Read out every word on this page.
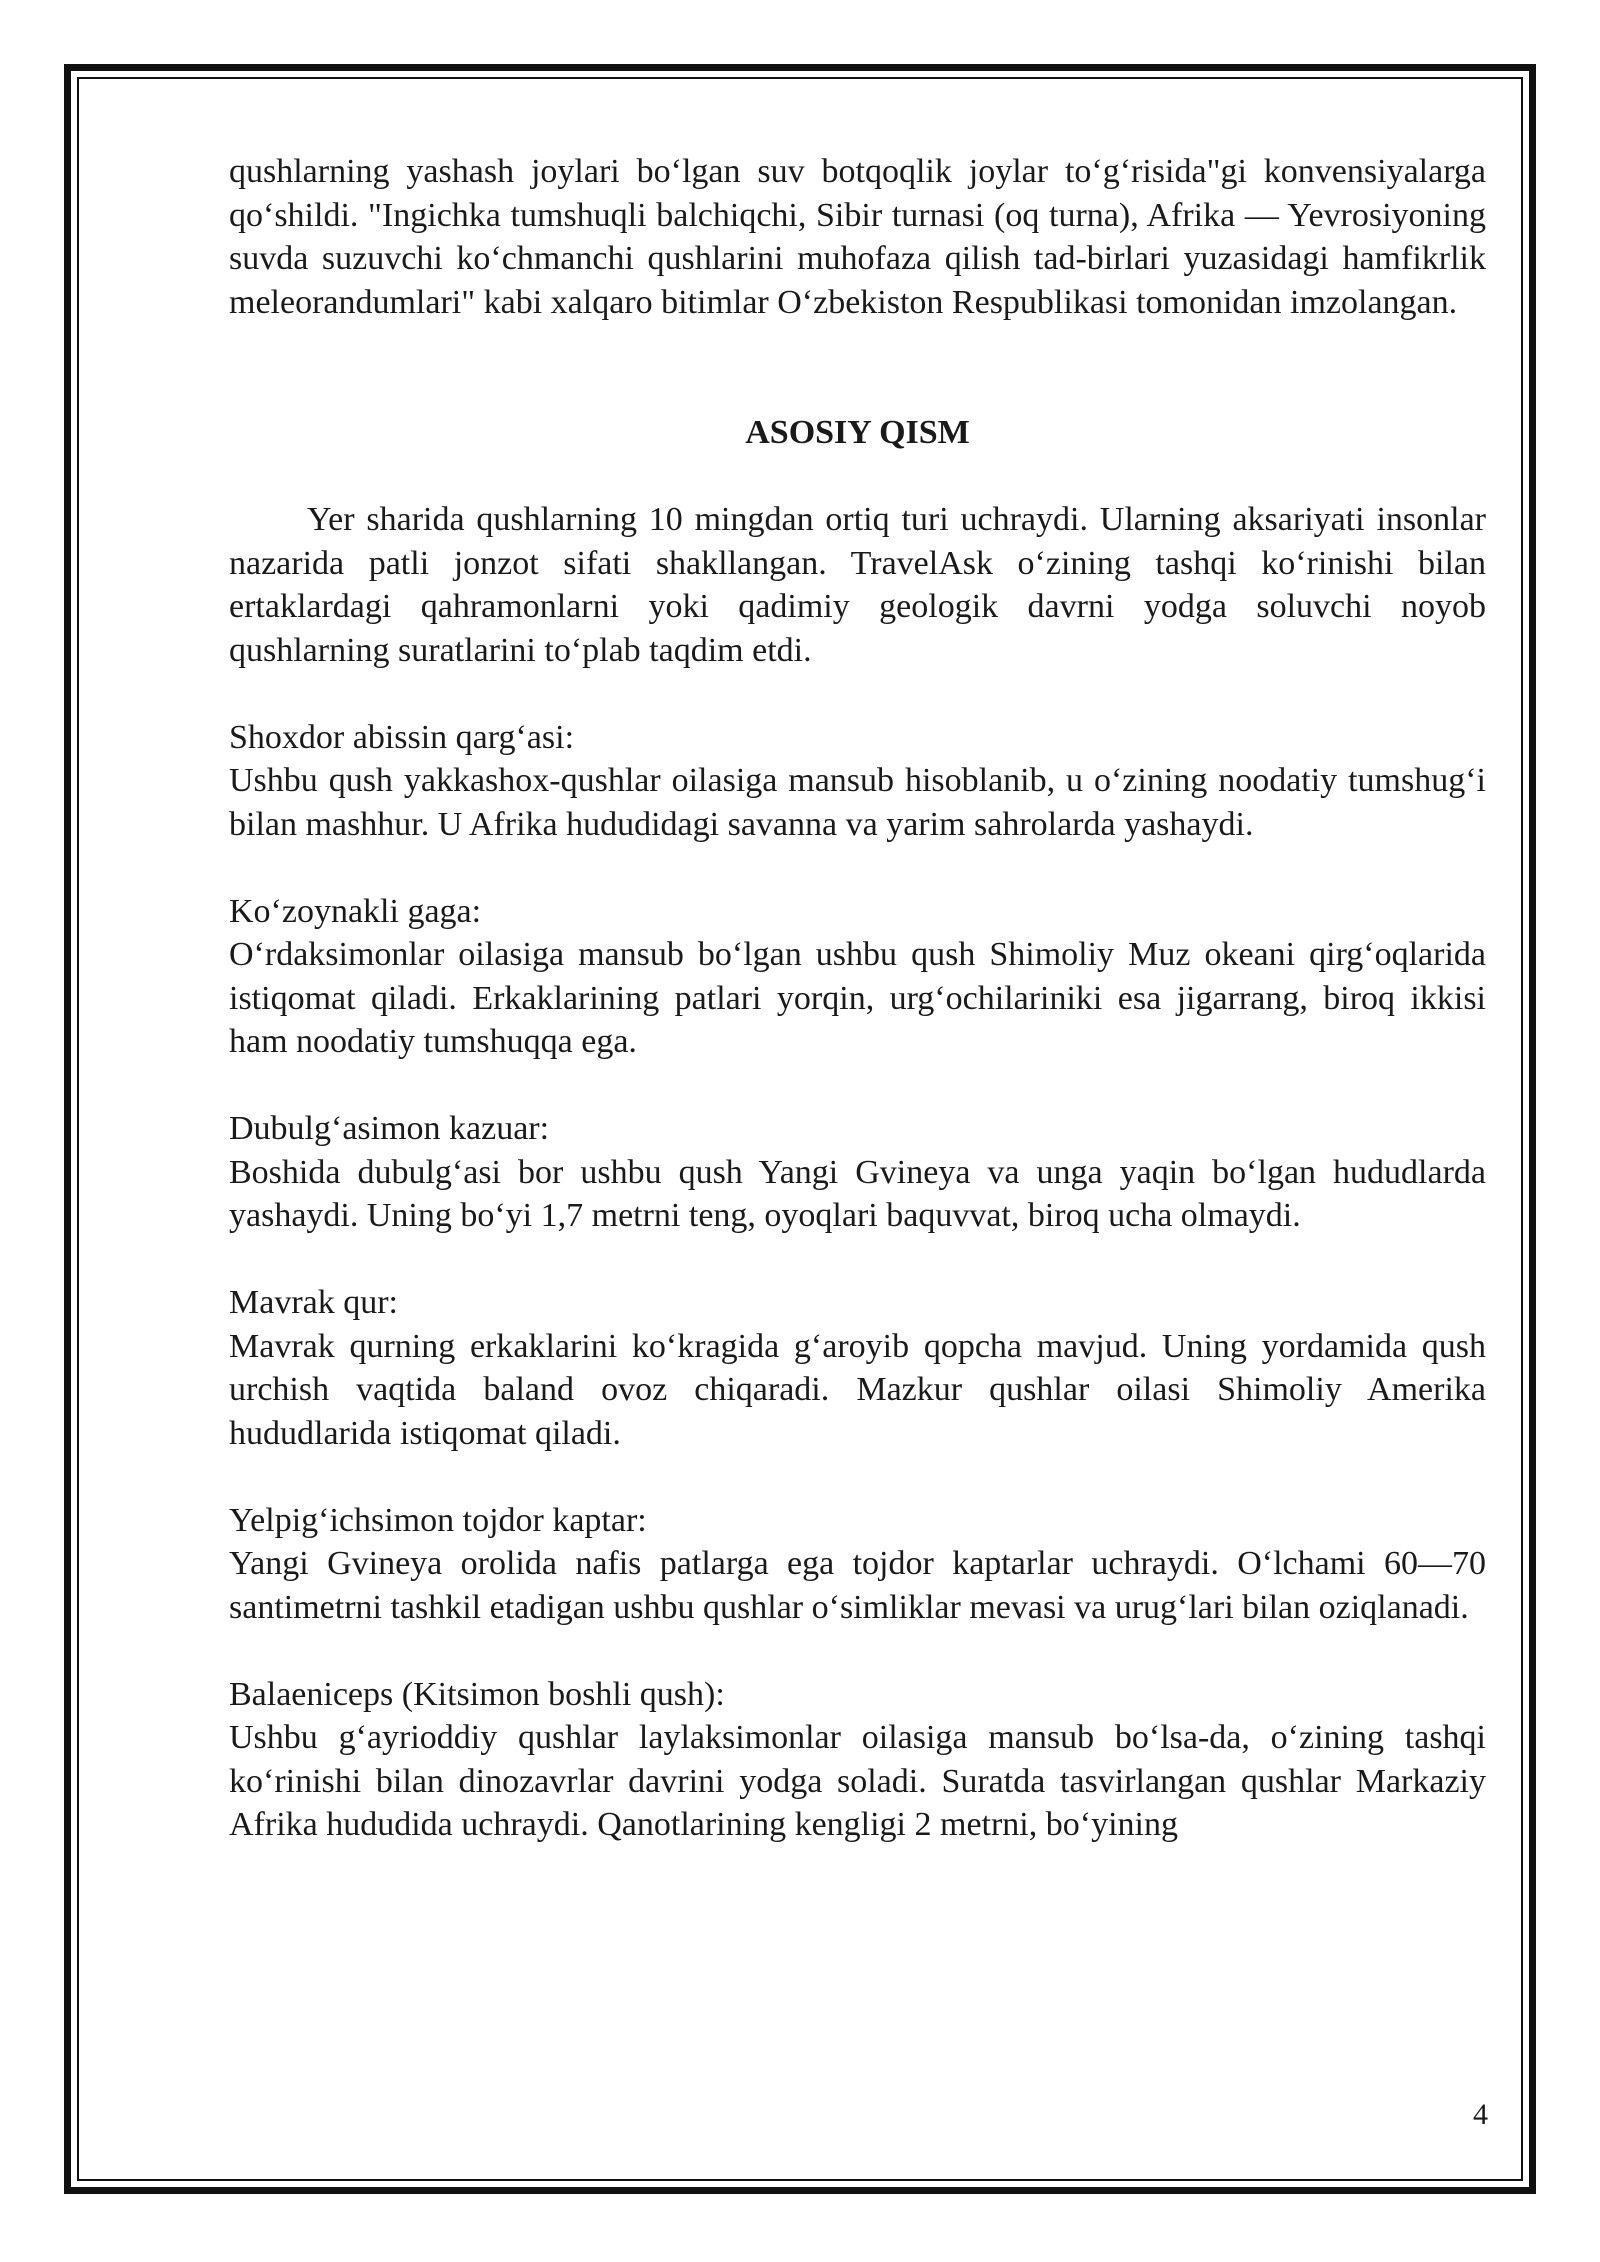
qushlarning yashash joylari bo‘lgan suv botqoqlik joylar to‘g‘risida"gi konvensiyalarga qo‘shildi. "Ingichka tumshuqli balchiqchi, Sibir turnasi (oq turna), Afrika — Yevrosiyoning suvda suzuvchi ko‘chmanchi qushlarini muhofaza qilish tad-birlari yuzasidagi hamfikrlik meleorandumlari" kabi xalqaro bitimlar O‘zbekiston Respublikasi tomonidan imzolangan.

ASOSIY QISM

Yer sharida qushlarning 10 mingdan ortiq turi uchraydi. Ularning aksariyati insonlar nazarida patli jonzot sifati shakllangan. TravelAsk o‘zining tashqi ko‘rinishi bilan ertaklardagi qahramonlarni yoki qadimiy geologik davrni yodga soluvchi noyob qushlarning suratlarini to‘plab taqdim etdi.

Shoxdor abissin qarg‘asi:

Ushbu qush yakkashox-qushlar oilasiga mansub hisoblanib, u o‘zining noodatiy tumshug‘i bilan mashhur. U Afrika hududidagi savanna va yarim sahrolarda yashaydi.

Ko‘zoynakli gaga:

O‘rdaksimonlar oilasiga mansub bo‘lgan ushbu qush Shimoliy Muz okeani qirg‘oqlarida istiqomat qiladi. Erkaklarining patlari yorqin, urg‘ochilariniki esa jigarrang, biroq ikkisi ham noodatiy tumshuqqa ega.

Dubulg‘asimon kazuar:

Boshida dubulg‘asi bor ushbu qush Yangi Gvineya va unga yaqin bo‘lgan hududlarda yashaydi. Uning bo‘yi 1,7 metrni teng, oyoqlari baquvvat, biroq ucha olmaydi.

Mavrak qur:

Mavrak qurning erkaklarini ko‘kragida g‘aroyib qopcha mavjud. Uning yordamida qush urchish vaqtida baland ovoz chiqaradi. Mazkur qushlar oilasi Shimoliy Amerika hududlarida istiqomat qiladi.

Yelpig‘ichsimon tojdor kaptar:

Yangi Gvineya orolida nafis patlarga ega tojdor kaptarlar uchraydi. O‘lchami 60—70 santimetrni tashkil etadigan ushbu qushlar o‘simliklar mevasi va urug‘lari bilan oziqlanadi.

Balaeniceps (Kitsimon boshli qush):

Ushbu g‘ayrioddiy qushlar laylaksimonlar oilasiga mansub bo‘lsa-da, o‘zining tashqi ko‘rinishi bilan dinozavrlar davrini yodga soladi. Suratda tasvirlangan qushlar Markaziy Afrika hududida uchraydi. Qanotlarining kengligi 2 metrni, bo‘yining

4
